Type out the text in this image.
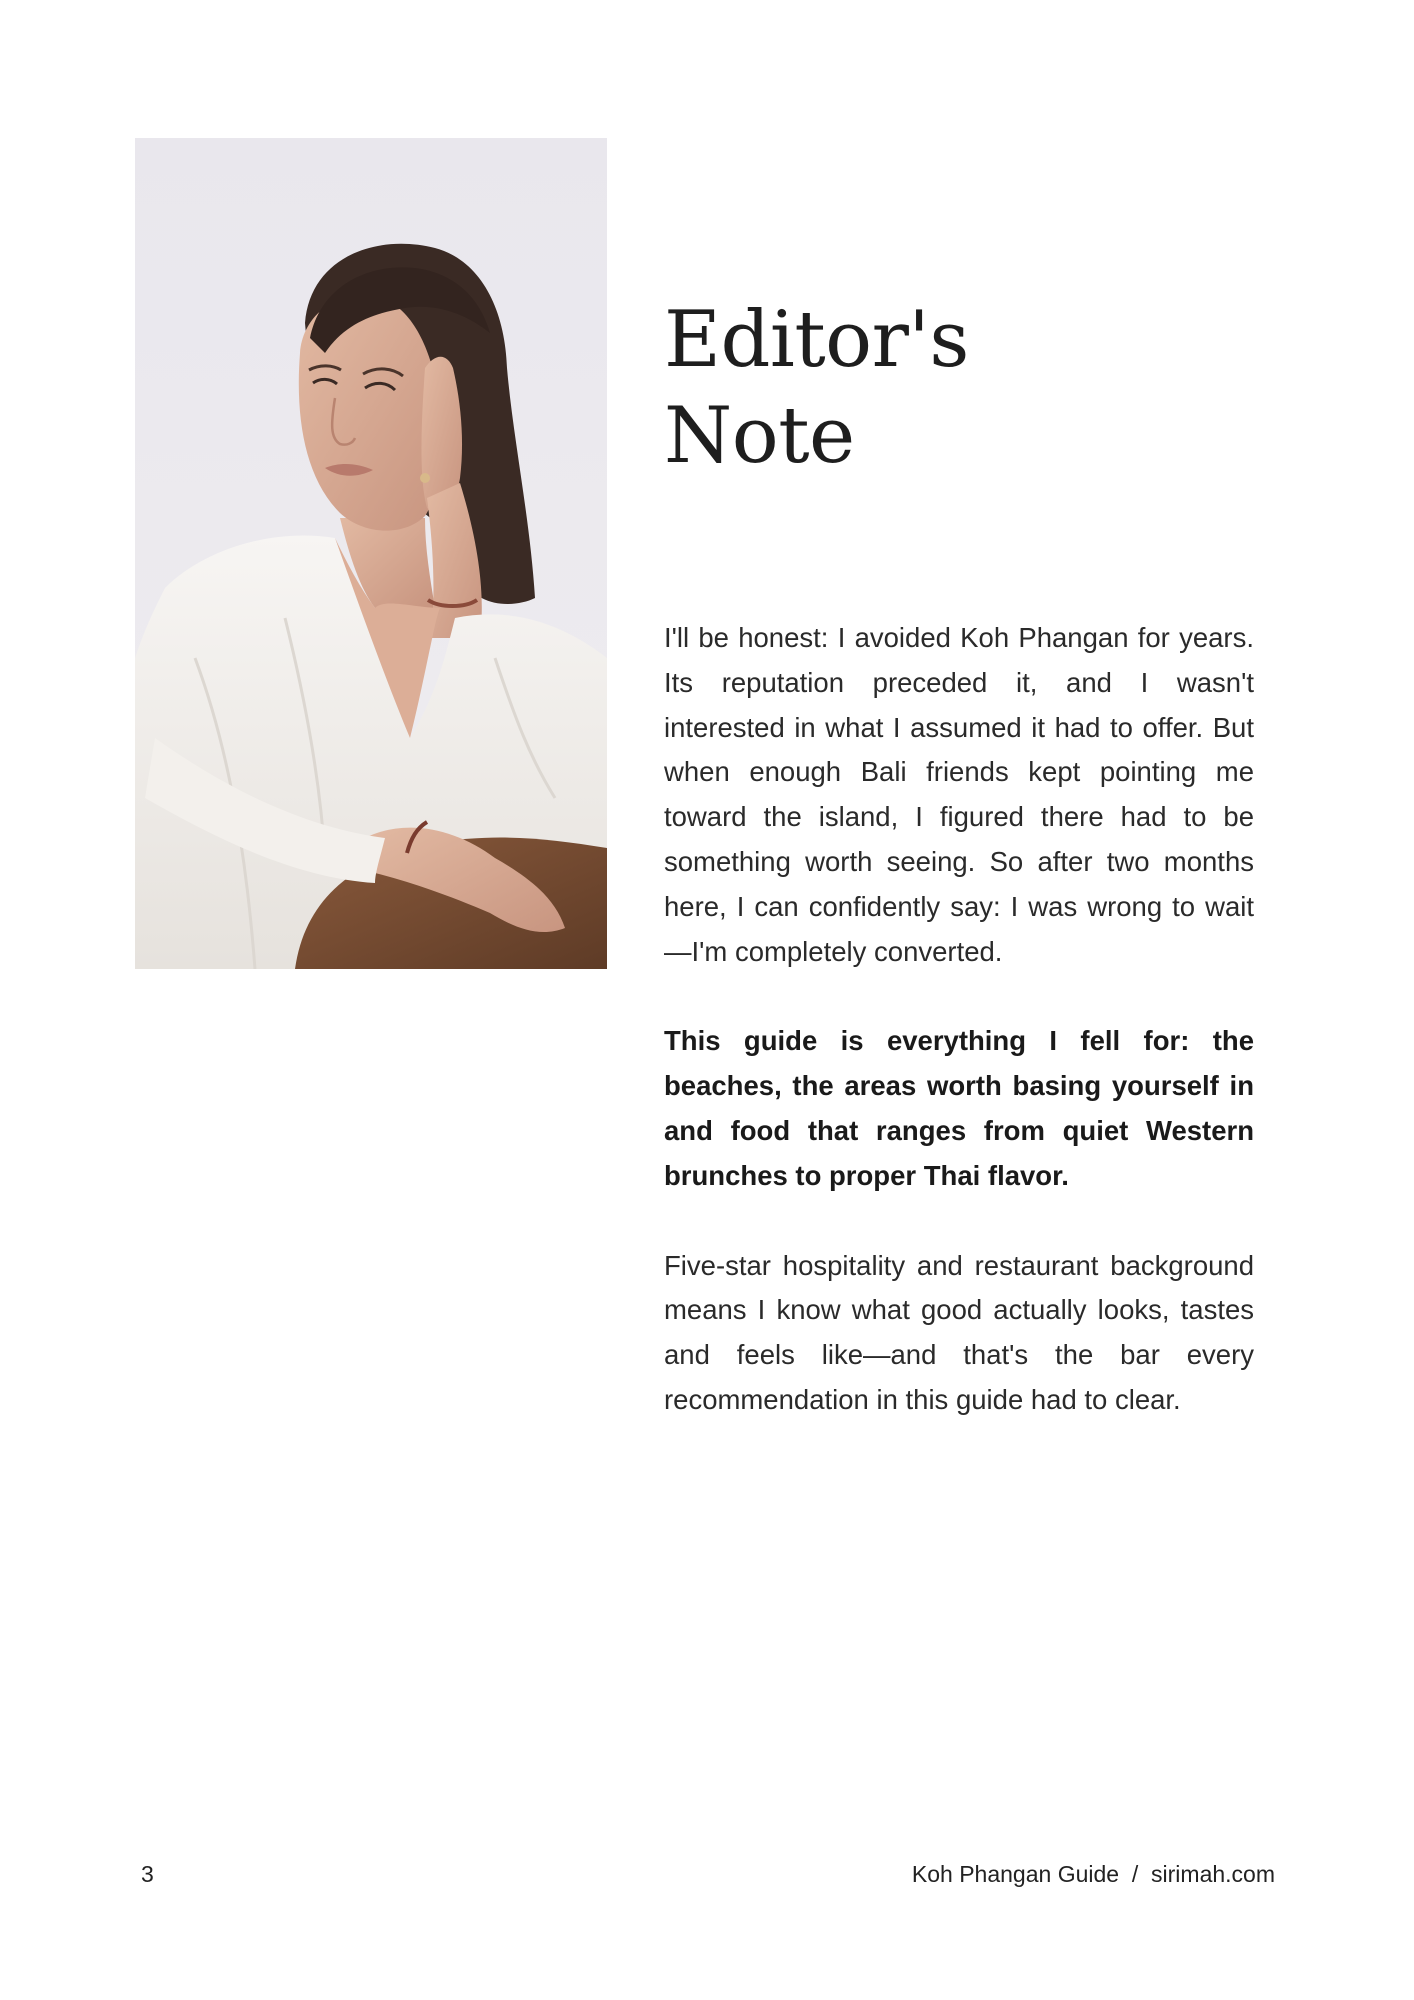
Editor's
Note

I'll be honest: I avoided Koh Phangan for years. Its reputation preceded it, and I wasn't interested in what I assumed it had to offer. But when enough Bali friends kept pointing me toward the island, I figured there had to be something worth seeing. So after two months here, I can confidently say: I was wrong to wait—I'm completely converted.

This guide is everything I fell for: the beaches, the areas worth basing yourself in and food that ranges from quiet Western brunches to proper Thai flavor.

Five-star hospitality and restaurant background means I know what good actually looks, tastes and feels like—and that's the bar every recommendation in this guide had to clear.

3	Koh Phangan Guide / sirimah.com
